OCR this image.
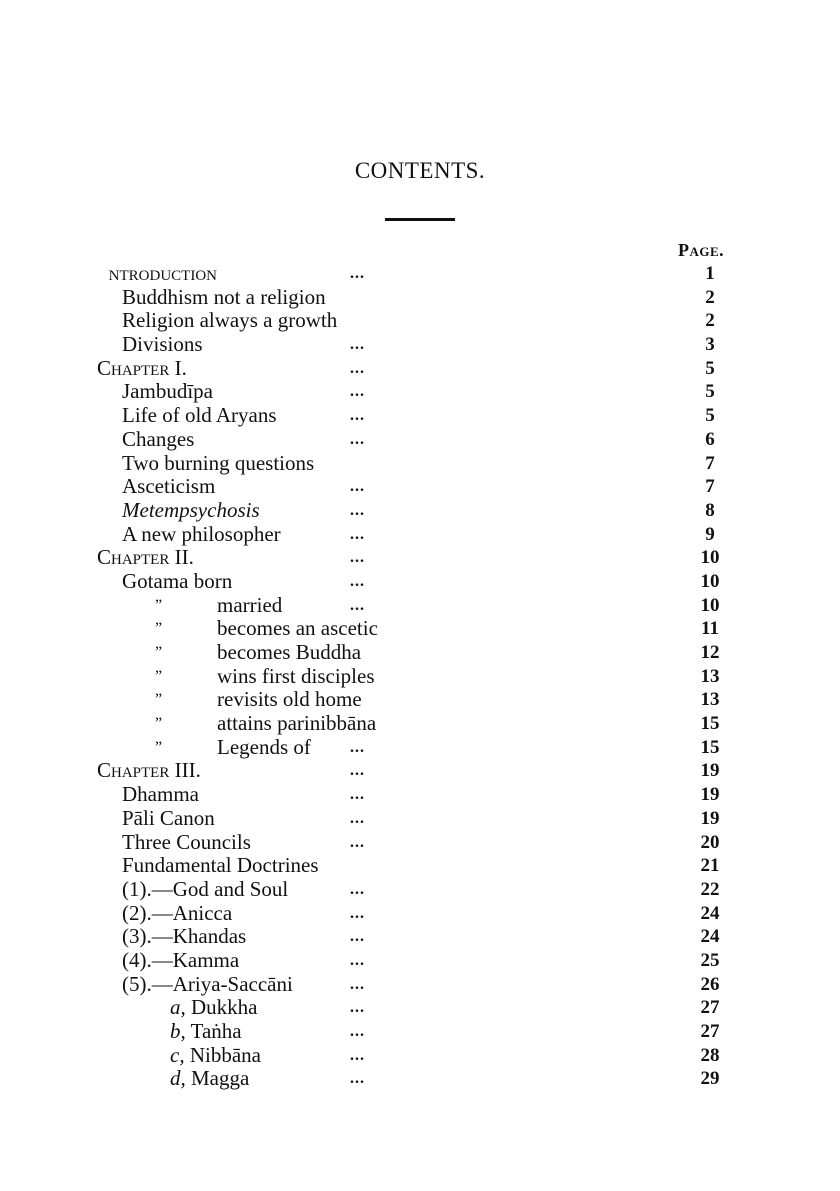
CONTENTS.
Page.
ɪntroduction	...	1
Buddhism not a religion	2
Religion always a growth	2
Divisions	...	3
Chapter I.	...	5
Jambudīpa	...	5
Life of old Aryans	...	5
Changes	...	6
Two burning questions	7
Asceticism	...	7
Metempsychosis	...	8
A new philosopher	...	9
Chapter II.	...	10
Gotama born	...	10
”	married	...	10
”	becomes an ascetic	11
”	becomes Buddha	12
”	wins first disciples	13
”	revisits old home	13
”	attains parinibbāna	15
”	Legends of ...	15
Chapter III.	...	19
Dhamma	...	19
Pāli Canon	...	19
Three Councils	...	20
Fundamental Doctrines	21
(1).—God and Soul	...	22
(2).—Anicca	...	24
(3).—Khandas	...	24
(4).—Kamma	...	25
(5).—Ariya-Saccāni	...	26
a, Dukkha	...	27
b, Taṅha	...	27
c, Nibbāna	...	28
d, Magga	...	29
